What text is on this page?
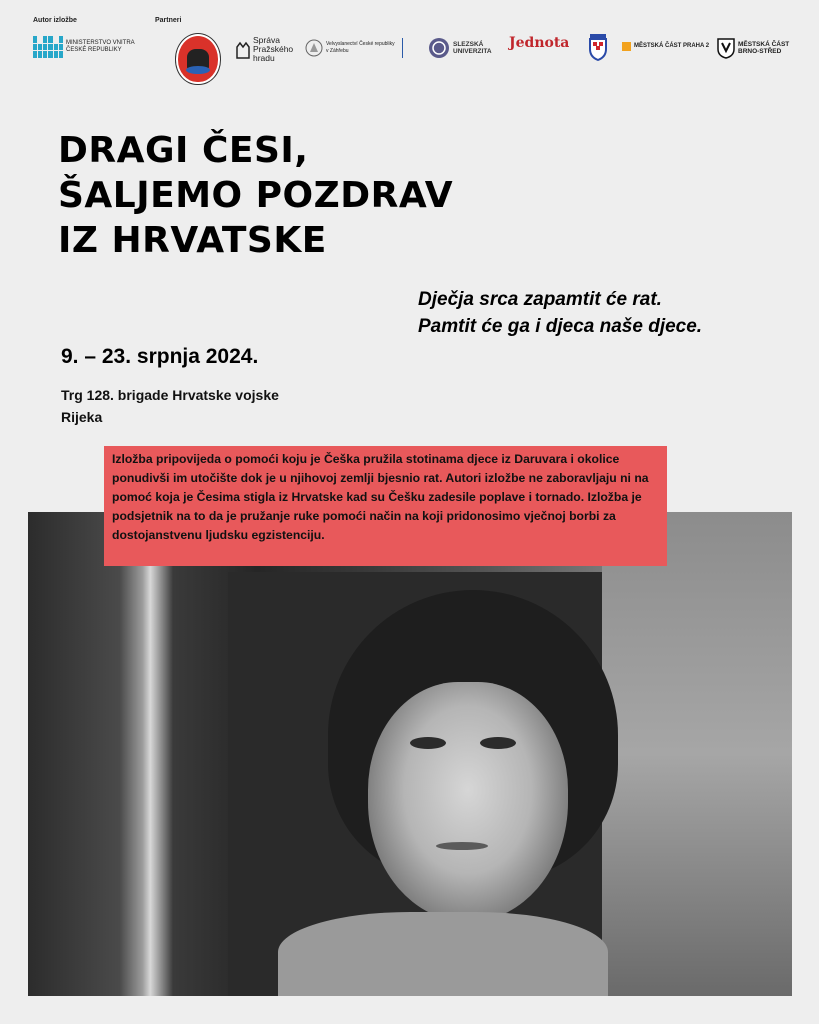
Autor izložbe	Partneri
MINISTERSTVO VNITRA
ČESKÉ REPUBLIKY
Správa
Pražského
hradu
Velvyslanectví České republiky
v Záhřebu
SLEZSKÁ
UNIVERZITA
Jednota	MĚSTSKÁ ČÁST PRAHA 2	MĚSTSKÁ ČÁST
BRNO-STŘED
DRAGI ČESI,
ŠALJEMO POZDRAV
IZ HRVATSKE
Dječja srca zapamtit će rat.
Pamtit će ga i djeca naše djece.
9. – 23. srpnja 2024.
Trg 128. brigade Hrvatske vojske
Rijeka
Izložba pripovijeda o pomoći koju je Češka pružila stotinama djece iz Daruvara i okolice ponudivši im utočište dok je u njihovoj zemlji bjesnio rat. Autori izložbe ne zaboravljaju ni na pomoć koja je Česima stigla iz Hrvatske kad su Češku zadesile poplave i tornado. Izložba je podsjetnik na to da je pružanje ruke pomoći način na koji pridonosimo vječnoj borbi za dostojanstvenu ljudsku egzistenciju.
